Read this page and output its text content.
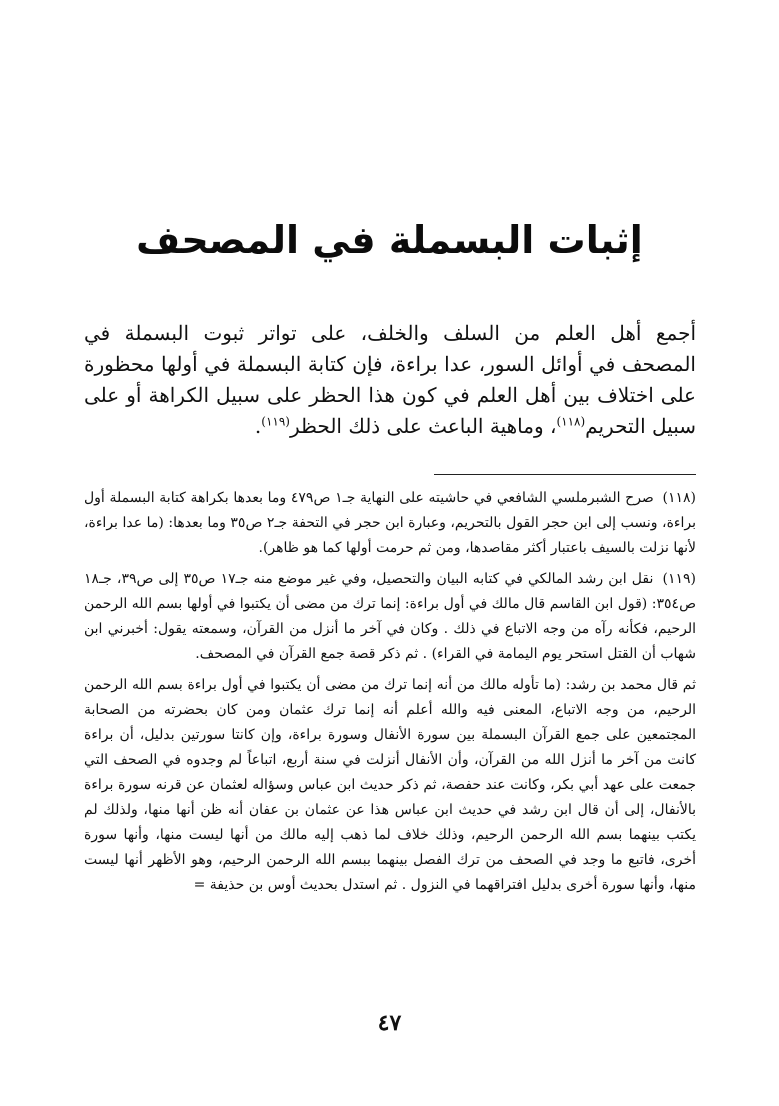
إثبات البسملة في المصحف

أجمع أهل العلم من السلف والخلف، على تواتر ثبوت البسملة في المصحف في أوائل السور، عدا براءة، فإن كتابة البسملة في أولها محظورة على اختلاف بين أهل العلم في كون هذا الحظر على سبيل الكراهة أو على سبيل التحريم$^{(١١٨)}$، وماهية الباعث على ذلك الحظر$^{(١١٩)}$.

(١١٨) صرح الشبرملسي الشافعي في حاشيته على النهاية جـ١ ص٤٧٩ وما بعدها بكراهة كتابة البسملة أول براءة، ونسب إلى ابن حجر القول بالتحريم، وعبارة ابن حجر في التحفة جـ٢ ص٣٥ وما بعدها: (ما عدا براءة، لأنها نزلت بالسيف باعتبار أكثر مقاصدها، ومن ثم حرمت أولها كما هو ظاهر).

(١١٩) نقل ابن رشد المالكي في كتابه البيان والتحصيل، وفي غير موضع منه جـ١٧ ص٣٥ إلى ص٣٩، جـ١٨ ص٣٥٤: (قول ابن القاسم قال مالك في أول براءة: إنما ترك من مضى أن يكتبوا في أولها بسم الله الرحمن الرحيم، فكأنه رآه من وجه الاتباع في ذلك . وكان في آخر ما أنزل من القرآن، وسمعته يقول: أخبرني ابن شهاب أن القتل استحر يوم اليمامة في القراء) . ثم ذكر قصة جمع القرآن في المصحف.

ثم قال محمد بن رشد: (ما تأوله مالك من أنه إنما ترك من مضى أن يكتبوا في أول براءة بسم الله الرحمن الرحيم، من وجه الاتباع، المعنى فيه والله أعلم أنه إنما ترك عثمان ومن كان بحضرته من الصحابة المجتمعين على جمع القرآن البسملة بين سورة الأنفال وسورة براءة، وإن كانتا سورتين بدليل، أن براءة كانت من آخر ما أنزل الله من القرآن، وأن الأنفال أنزلت في سنة أربع، اتباعاً لم وجدوه في الصحف التي جمعت على عهد أبي بكر، وكانت عند حفصة، ثم ذكر حديث ابن عباس وسؤاله لعثمان عن قرنه سورة براءة بالأنفال، إلى أن قال ابن رشد في حديث ابن عباس هذا عن عثمان بن عفان أنه ظن أنها منها، ولذلك لم يكتب بينهما بسم الله الرحمن الرحيم، وذلك خلاف لما ذهب إليه مالك من أنها ليست منها، وأنها سورة أخرى، فاتبع ما وجد في الصحف من ترك الفصل بينهما ببسم الله الرحمن الرحيم، وهو الأظهر أنها ليست منها، وأنها سورة أخرى بدليل افتراقهما في النزول . ثم استدل بحديث أوس بن حذيفة =

٤٧
